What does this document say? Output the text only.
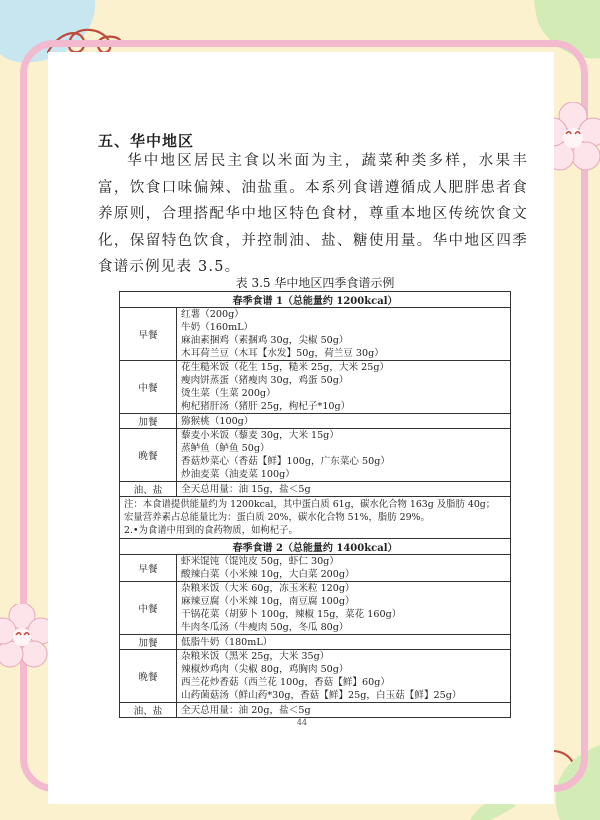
五、华中地区
华中地区居民主食以米面为主，蔬菜种类多样，水果丰富，饮食口味偏辣、油盐重。本系列食谱遵循成人肥胖患者食养原则，合理搭配华中地区特色食材，尊重本地区传统饮食文化，保留特色饮食，并控制油、盐、糖使用量。华中地区四季食谱示例见表 3.5。
表 3.5 华中地区四季食谱示例
春季食谱 1（总能量约 1200kcal）	
早餐	红薯（200g）
牛奶（160mL）
麻油素捆鸡（素捆鸡 30g，尖椒 50g）
木耳荷兰豆（木耳【水发】50g，荷兰豆 30g）

中餐	花生糙米饭（花生 15g，糙米 25g，大米 25g）
瘦肉饼蒸蛋（猪瘦肉 30g，鸡蛋 50g）
烫生菜（生菜 200g）
枸杞猪肝汤（猪肝 25g，枸杞子*10g）

加餐	猕猴桃（100g）

晚餐	藜麦小米饭（藜麦 30g，大米 15g）
蒸鲈鱼（鲈鱼 50g）
香菇炒菜心（香菇【鲜】100g，广东菜心 50g）
炒油麦菜（油麦菜 100g）

油、盐	全天总用量：油 15g，盐＜5g

注：本食谱提供能量约为 1200kcal，其中蛋白质 61g，碳水化合物 163g 及脂肪 40g；
宏量营养素占总能量比为：蛋白质 20%，碳水化合物 51%，脂肪 29%。
2.•为食谱中用到的食药物质，如枸杞子。	

春季食谱 2（总能量约 1400kcal）	
早餐	虾米馄饨（馄饨皮 50g，虾仁 30g）
酸辣白菜（小米辣 10g，大白菜 200g）

中餐	杂粮米饭（大米 60g，冻玉米粒 120g）
麻辣豆腐（小米辣 10g，南豆腐 100g）
干锅花菜（胡萝卜 100g，辣椒 15g，菜花 160g）
牛肉冬瓜汤（牛瘦肉 50g，冬瓜 80g）

加餐	低脂牛奶（180mL）

晚餐	杂粮米饭（黑米 25g，大米 35g）
辣椒炒鸡肉（尖椒 80g，鸡胸肉 50g）
西兰花炒香菇（西兰花 100g，香菇【鲜】60g）
山药菌菇汤（鲜山药*30g，香菇【鲜】25g，白玉菇【鲜】25g）

油、盐	全天总用量：油 20g，盐＜5g
44
